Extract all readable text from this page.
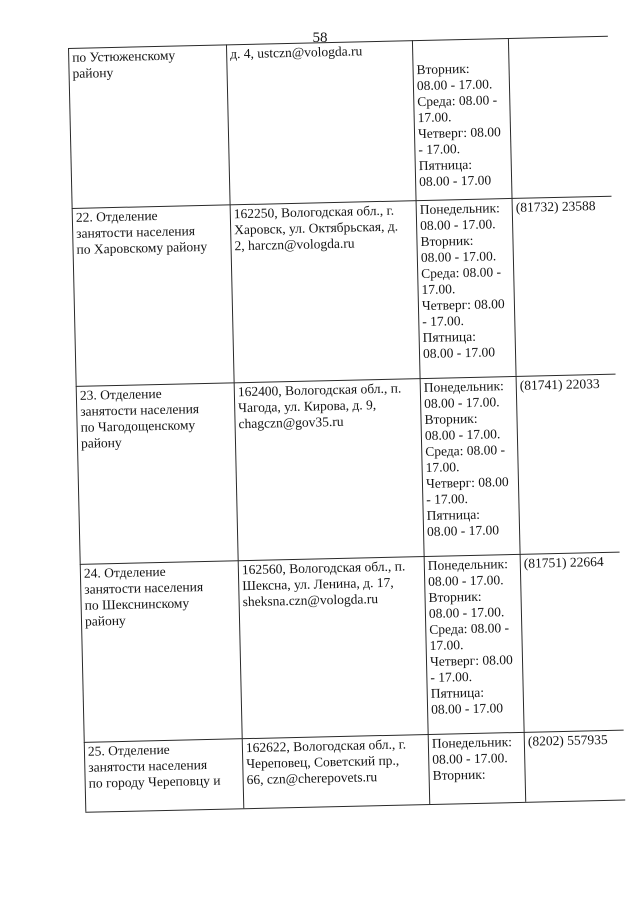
58
по Устюженскому
району
д. 4, ustczn@vologda.ru
Вторник:
08.00 - 17.00.
Среда: 08.00 -
17.00.
Четверг: 08.00
- 17.00.
Пятница:
08.00 - 17.00
22. Отделение
занятости населения
по Харовскому району
162250, Вологодская обл., г.
Харовск, ул. Октябрьская, д.
2, harczn@vologda.ru
Понедельник:
08.00 - 17.00.
Вторник:
08.00 - 17.00.
Среда: 08.00 -
17.00.
Четверг: 08.00
- 17.00.
Пятница:
08.00 - 17.00
(81732) 23588
23. Отделение
занятости населения
по Чагодощенскому
району
162400, Вологодская обл., п.
Чагода, ул. Кирова, д. 9,
chagczn@gov35.ru
Понедельник:
08.00 - 17.00.
Вторник:
08.00 - 17.00.
Среда: 08.00 -
17.00.
Четверг: 08.00
- 17.00.
Пятница:
08.00 - 17.00
(81741) 22033
24. Отделение
занятости населения
по Шекснинскому
району
162560, Вологодская обл., п.
Шексна, ул. Ленина, д. 17,
sheksna.czn@vologda.ru
Понедельник:
08.00 - 17.00.
Вторник:
08.00 - 17.00.
Среда: 08.00 -
17.00.
Четверг: 08.00
- 17.00.
Пятница:
08.00 - 17.00
(81751) 22664
25. Отделение
занятости населения
по городу Череповцу и
162622, Вологодская обл., г.
Череповец, Советский пр.,
66, czn@cherepovets.ru
Понедельник:
08.00 - 17.00.
Вторник:
(8202) 557935
